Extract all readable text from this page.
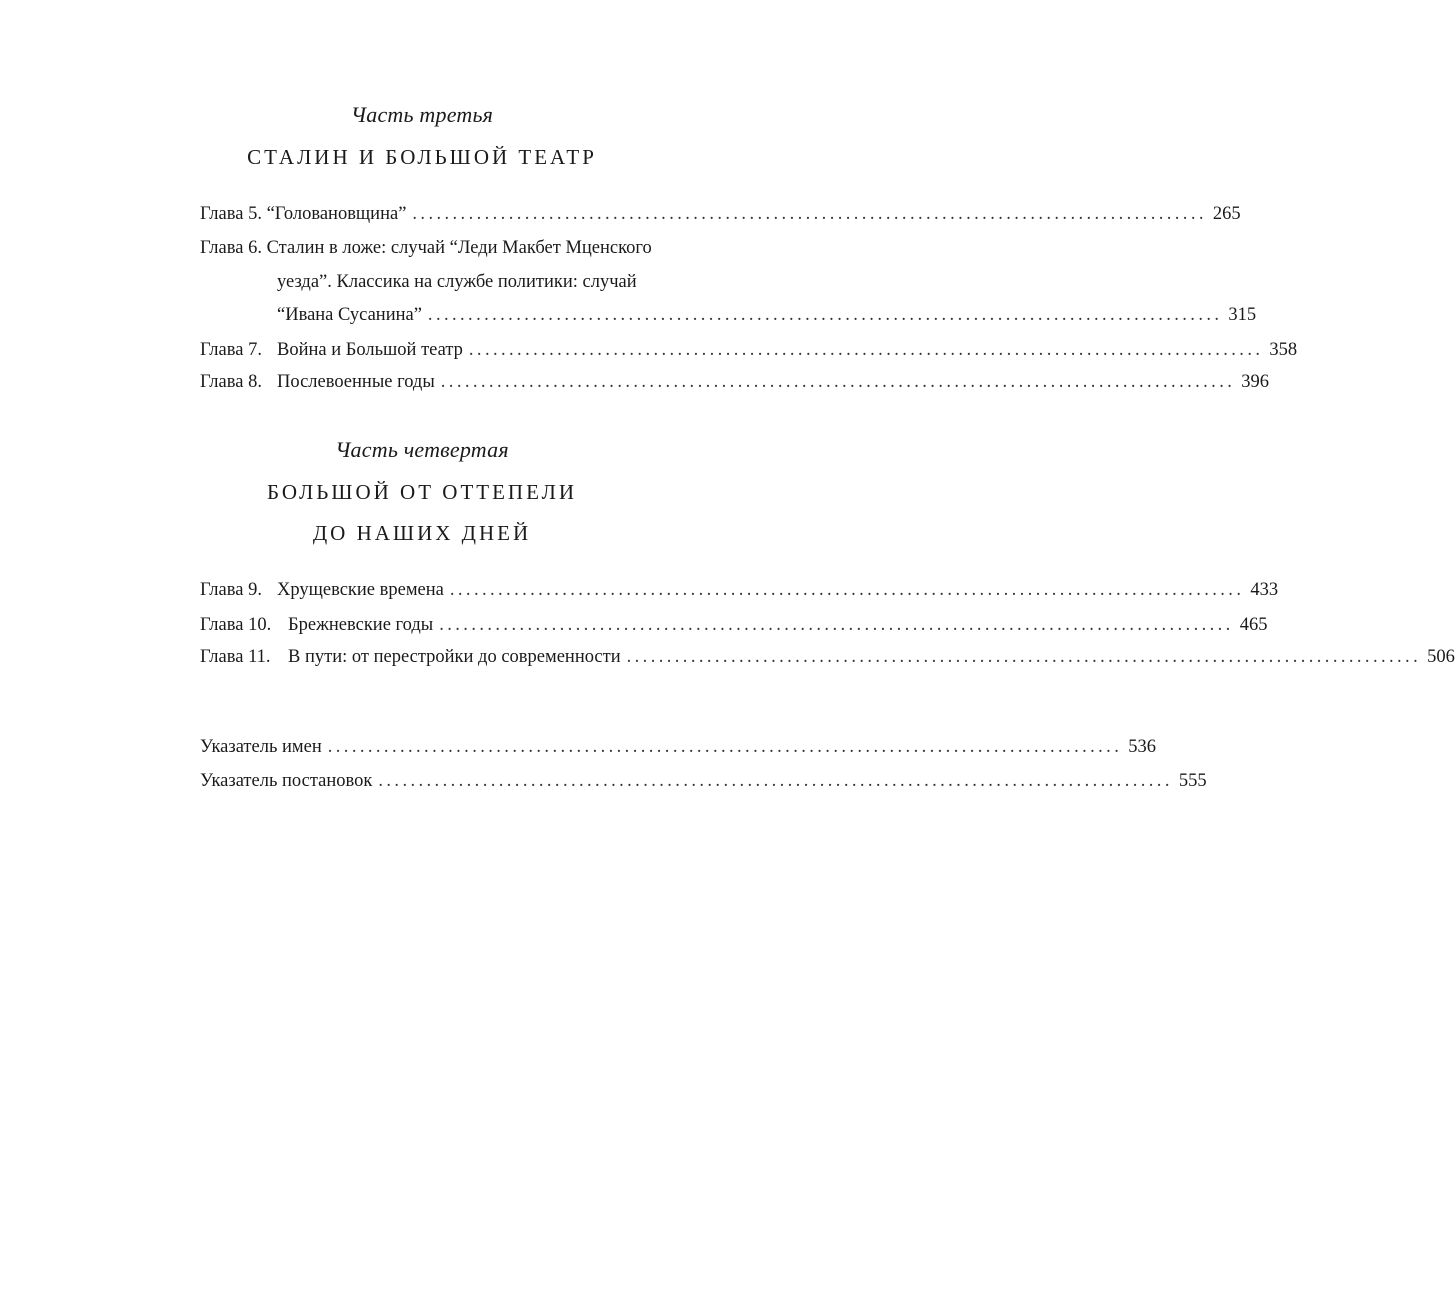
Часть третья
СТАЛИН И БОЛЬШОЙ ТЕАТР
Глава 5.
“Головановщина” ................................................................................................... 265
Глава 6. Сталин в ложе: случай “Леди Макбет Мценского
уезда”. Классика на службе политики: случай
“Ивана Сусанина” ................................................................................................... 315
Глава 7. Война и Большой театр ................................................................................................... 358
Глава 8. Послевоенные годы ................................................................................................... 396
Часть четвертая
БОЛЬШОЙ ОТ ОТТЕПЕЛИ
ДО НАШИХ ДНЕЙ
Глава 9. Хрущевские времена ................................................................................................... 433
Глава 10. Брежневские годы ................................................................................................... 465
Глава 11. В пути: от перестройки до современности ................................................................................................... 506
Указатель имен ................................................................................................... 536
Указатель постановок ................................................................................................... 555
